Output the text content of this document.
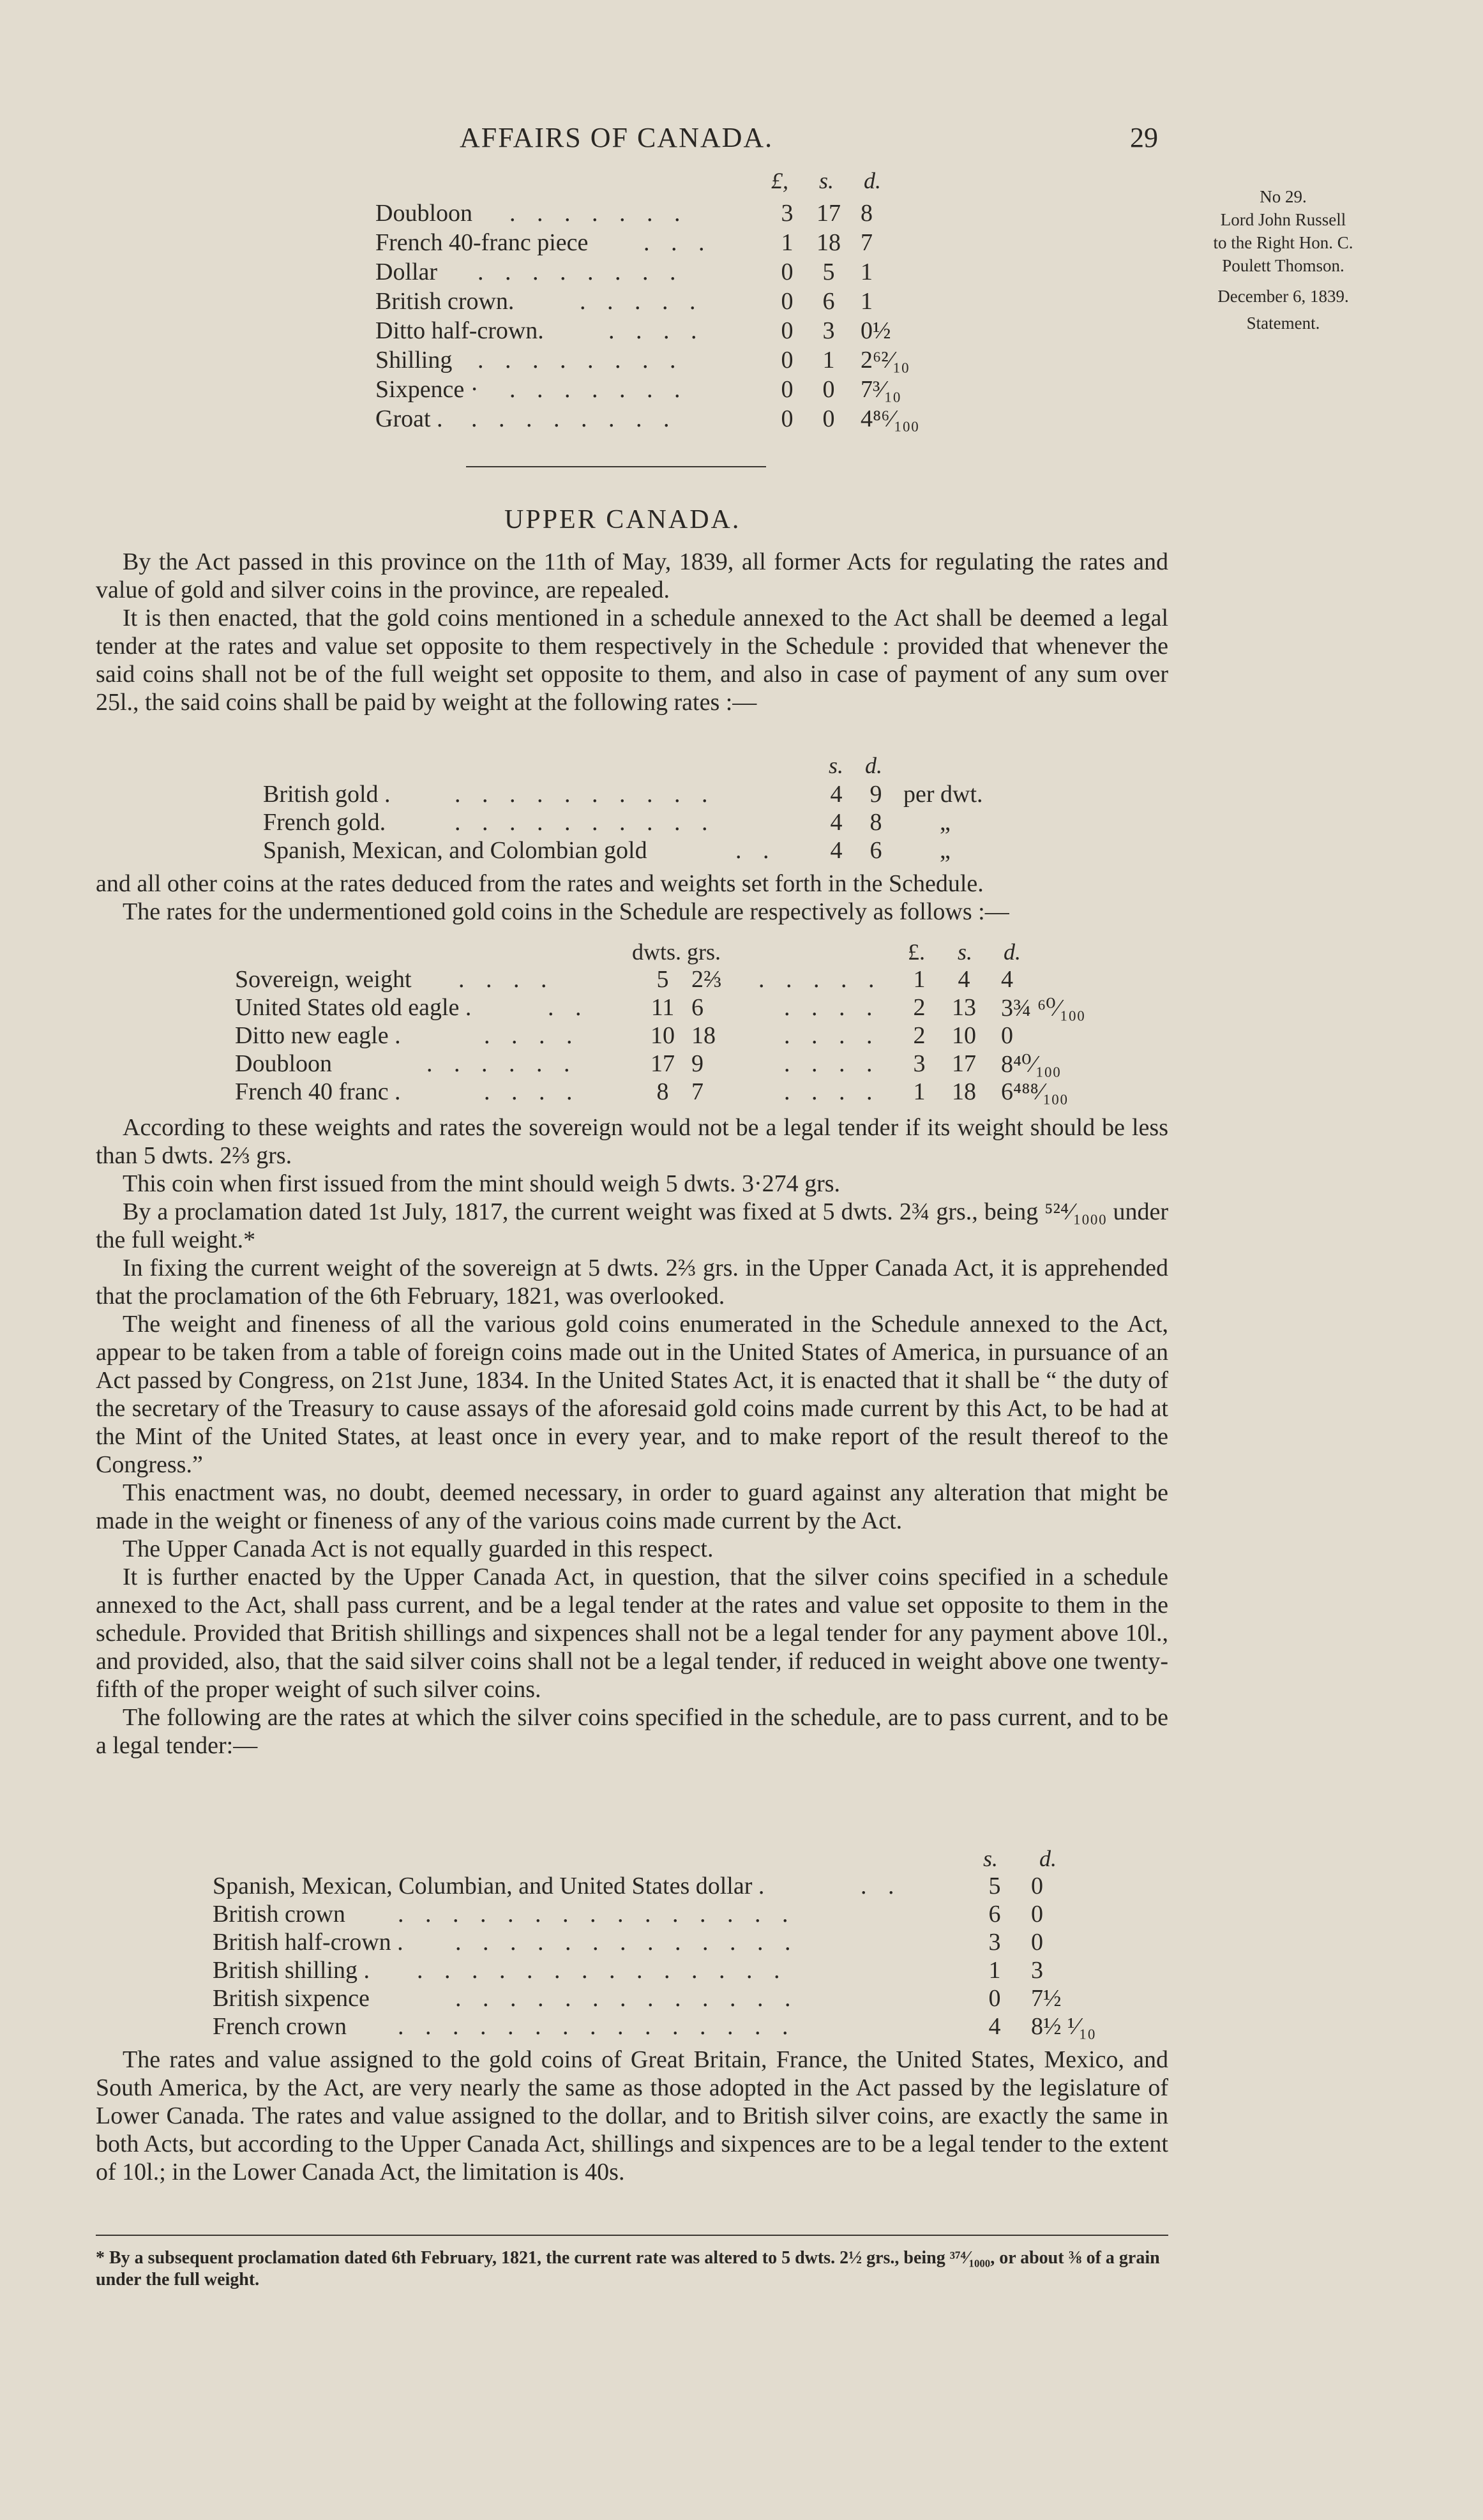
AFFAIRS OF CANADA.	29
No 29.
Lord John Russell
to the Right Hon. C.
Poulett Thomson.
December 6, 1839.
Statement.
£, s. d.
Doubloon . . . . . . .	3 17 8
French 40-franc piece . . .	1 18 7
Dollar . . . . . . . .	0	5	1
British crown.	. . . . .	0	6	1
Ditto half-crown.	. . . .	0	3	0½
Shilling . . . . . . . .	0	1	2⁶²⁄₁₀
Sixpence · . . . . . . .	0	0	7³⁄₁₀
Groat . . . . . . . . .	0	0	4⁸⁶⁄₁₀₀
UPPER CANADA.

By the Act passed in this province on the 11th of May, 1839, all former Acts for regulating the rates and value of gold and silver coins in the province, are repealed.

It is then enacted, that the gold coins mentioned in a schedule annexed to the Act shall be deemed a legal tender at the rates and value set opposite to them respectively in the Schedule : provided that whenever the said coins shall not be of the full weight set opposite to them, and also in case of payment of any sum over 25l., the said coins shall be paid by weight at the following rates :—

s. d.
British gold .	. . . . . . . . . .	4 9 per dwt.
French gold.	. . . . . . . . . .	4 8 „
Spanish, Mexican, and Colombian gold	. . 4 6 „

and all other coins at the rates deduced from the rates and weights set forth in the Schedule.

The rates for the undermentioned gold coins in the Schedule are respectively as follows :—

dwts. grs.	£. s. d.
Sovereign, weight . . . .	5 2⅔ . . . . . 1	4	4
United States old eagle .	. .	11 6	. . . . 2 13 3¾ ⁶⁰⁄₁₀₀
Ditto new eagle .	. . . .	10 18	. . . . 2 10 0
Doubloon	. . . . . .	17 9	. . . . 3 17 8⁴⁰⁄₁₀₀
French 40 franc .	. . . .	8 7	. . . . 1 18 6⁴⁸⁸⁄₁₀₀

According to these weights and rates the sovereign would not be a legal tender if its weight should be less than 5 dwts. 2⅔ grs.

This coin when first issued from the mint should weigh 5 dwts. 3·274 grs.

By a proclamation dated 1st July, 1817, the current weight was fixed at 5 dwts. 2¾ grs., being ⁵²⁴⁄₁₀₀₀ under the full weight.*

In fixing the current weight of the sovereign at 5 dwts. 2⅔ grs. in the Upper Canada Act, it is apprehended that the proclamation of the 6th February, 1821, was overlooked.

The weight and fineness of all the various gold coins enumerated in the Schedule annexed to the Act, appear to be taken from a table of foreign coins made out in the United States of America, in pursuance of an Act passed by Congress, on 21st June, 1834. In the United States Act, it is enacted that it shall be “ the duty of the secretary of the Treasury to cause assays of the aforesaid gold coins made current by this Act, to be had at the Mint of the United States, at least once in every year, and to make report of the result thereof to the Congress.”

This enactment was, no doubt, deemed necessary, in order to guard against any alteration that might be made in the weight or fineness of any of the various coins made current by the Act.

The Upper Canada Act is not equally guarded in this respect.

It is further enacted by the Upper Canada Act, in question, that the silver coins specified in a schedule annexed to the Act, shall pass current, and be a legal tender at the rates and value set opposite to them in the schedule. Provided that British shillings and sixpences shall not be a legal tender for any payment above 10l., and provided, also, that the said silver coins shall not be a legal tender, if reduced in weight above one twenty-fifth of the proper weight of such silver coins.

The following are the rates at which the silver coins specified in the schedule, are to pass current, and to be a legal tender:—

s. d.
Spanish, Mexican, Columbian, and United States dollar .	. .	5 0
British crown . . . . . . . . . . . . . . .	6 0
British half-crown . . . . . . . . . . . . . .	3 0
British shilling . . . . . . . . . . . . . . .	1 3
British sixpence	. . . . . . . . . . . . .	0 7½
French crown . . . . . . . . . . . . . . .	4 8½ ¹⁄₁₀

The rates and value assigned to the gold coins of Great Britain, France, the United States, Mexico, and South America, by the Act, are very nearly the same as those adopted in the Act passed by the legislature of Lower Canada. The rates and value assigned to the dollar, and to British silver coins, are exactly the same in both Acts, but according to the Upper Canada Act, shillings and sixpences are to be a legal tender to the extent of 10l.; in the Lower Canada Act, the limitation is 40s.

* By a subsequent proclamation dated 6th February, 1821, the current rate was altered to 5 dwts. 2½ grs., being ³⁷⁴⁄₁₀₀₀, or about ⅜ of a grain under the full weight.
